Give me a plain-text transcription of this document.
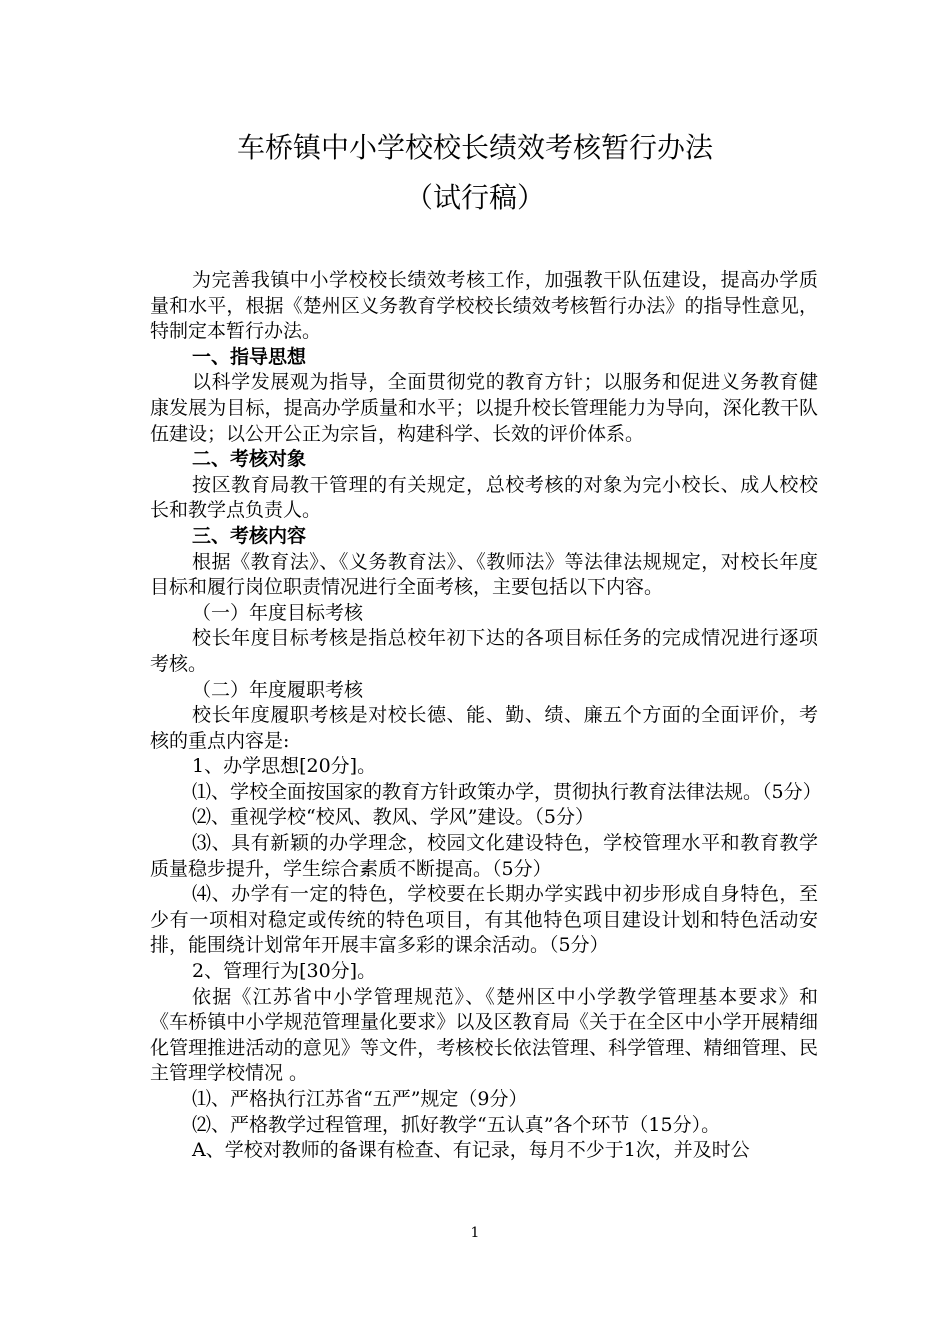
车桥镇中小学校校长绩效考核暂行办法
（试行稿）

为完善我镇中小学校校长绩效考核工作，加强教干队伍建设，提高办学质量和水平，根据《楚州区义务教育学校校长绩效考核暂行办法》的指导性意见，特制定本暂行办法。

一、指导思想

以科学发展观为指导，全面贯彻党的教育方针；以服务和促进义务教育健康发展为目标，提高办学质量和水平；以提升校长管理能力为导向，深化教干队伍建设；以公开公正为宗旨，构建科学、长效的评价体系。

二、考核对象

按区教育局教干管理的有关规定，总校考核的对象为完小校长、成人校校长和教学点负责人。

三、考核内容

根据《教育法》、《义务教育法》、《教师法》等法律法规规定，对校长年度目标和履行岗位职责情况进行全面考核，主要包括以下内容。

（一）年度目标考核

校长年度目标考核是指总校年初下达的各项目标任务的完成情况进行逐项考核。

（二）年度履职考核

校长年度履职考核是对校长德、能、勤、绩、廉五个方面的全面评价，考核的重点内容是:

1、办学思想[20分]。

⑴、学校全面按国家的教育方针政策办学，贯彻执行教育法律法规。（5分）

⑵、重视学校“校风、教风、学风”建设。（5分）

⑶、具有新颖的办学理念，校园文化建设特色，学校管理水平和教育教学质量稳步提升，学生综合素质不断提高。（5分）

⑷、办学有一定的特色，学校要在长期办学实践中初步形成自身特色，至少有一项相对稳定或传统的特色项目，有其他特色项目建设计划和特色活动安排，能围绕计划常年开展丰富多彩的课余活动。（5分）

2、管理行为[30分]。

依据《江苏省中小学管理规范》、《楚州区中小学教学管理基本要求》和《车桥镇中小学规范管理量化要求》以及区教育局《关于在全区中小学开展精细化管理推进活动的意见》等文件，考核校长依法管理、科学管理、精细管理、民主管理学校情况 。

⑴、严格执行江苏省“五严”规定（9分）

⑵、严格教学过程管理，抓好教学“五认真”各个环节（15分）。

A、学校对教师的备课有检查、有记录，每月不少于1次，并及时公

1
